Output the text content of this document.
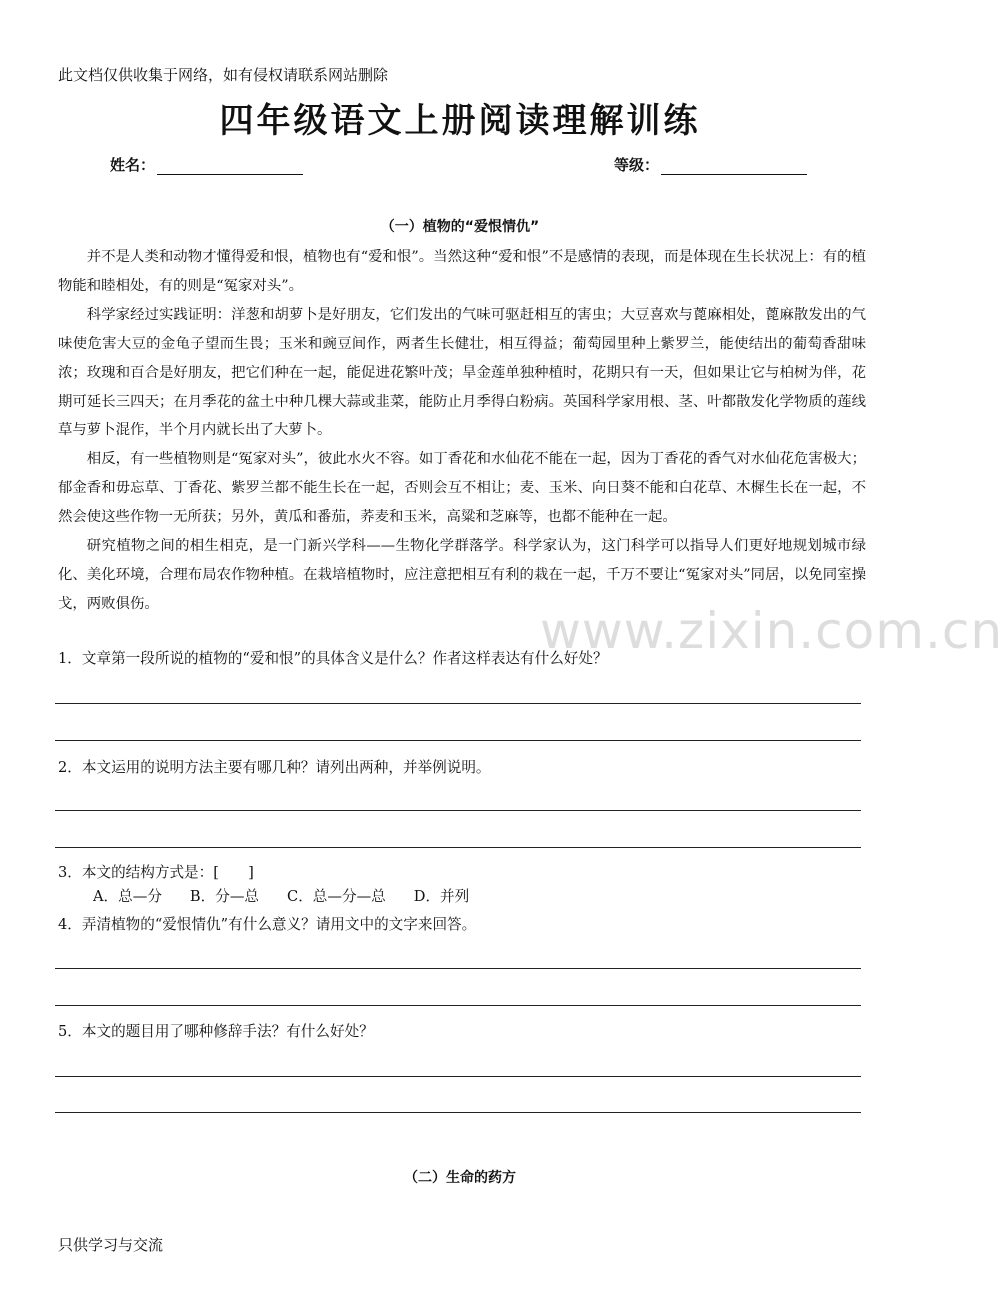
此文档仅供收集于网络，如有侵权请联系网站删除
四年级语文上册阅读理解训练
姓名：	等级：
（一）植物的“爱恨情仇”

并不是人类和动物才懂得爱和恨，植物也有“爱和恨”。当然这种“爱和恨”不是感情的表现，而是体现在生长状况上：有的植物能和睦相处，有的则是“冤家对头”。

科学家经过实践证明：洋葱和胡萝卜是好朋友，它们发出的气味可驱赶相互的害虫；大豆喜欢与蓖麻相处，蓖麻散发出的气味使危害大豆的金龟子望而生畏；玉米和豌豆间作，两者生长健壮，相互得益；葡萄园里种上紫罗兰，能使结出的葡萄香甜味浓；玫瑰和百合是好朋友，把它们种在一起，能促进花繁叶茂；旱金莲单独种植时，花期只有一天，但如果让它与柏树为伴，花期可延长三四天；在月季花的盆土中种几棵大蒜或韭菜，能防止月季得白粉病。英国科学家用根、茎、叶都散发化学物质的莲线草与萝卜混作，半个月内就长出了大萝卜。

相反，有一些植物则是“冤家对头”，彼此水火不容。如丁香花和水仙花不能在一起，因为丁香花的香气对水仙花危害极大；郁金香和毋忘草、丁香花、紫罗兰都不能生长在一起，否则会互不相让；麦、玉米、向日葵不能和白花草、木樨生长在一起，不然会使这些作物一无所获；另外，黄瓜和番茄，荞麦和玉米，高粱和芝麻等，也都不能种在一起。

研究植物之间的相生相克，是一门新兴学科——生物化学群落学。科学家认为，这门科学可以指导人们更好地规划城市绿化、美化环境，合理布局农作物种植。在栽培植物时，应注意把相互有利的栽在一起，千万不要让“冤家对头”同居，以免同室操戈，两败俱伤。	www.zixin.com.cn
1．文章第一段所说的植物的“爱和恨”的具体含义是什么？作者这样表达有什么好处？
2．本文运用的说明方法主要有哪几种？请列出两种，并举例说明。
3．本文的结构方式是：[　　]
A．总—分 B．分—总 C．总—分—总 D．并列
4．弄清植物的“爱恨情仇”有什么意义？请用文中的文字来回答。
5．本文的题目用了哪种修辞手法？有什么好处？
（二）生命的药方
只供学习与交流
